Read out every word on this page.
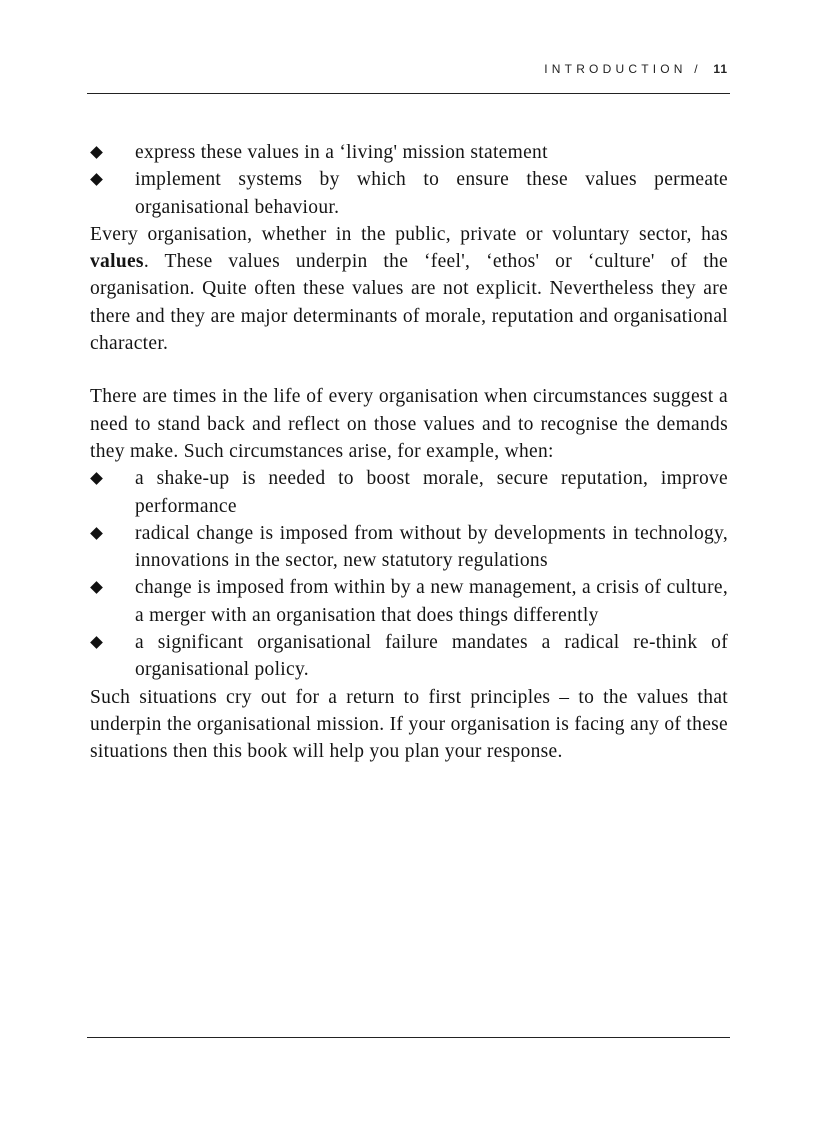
INTRODUCTION / 11
express these values in a ‘living' mission statement
implement systems by which to ensure these values permeate organisational behaviour.

Every organisation, whether in the public, private or voluntary sector, has values. These values underpin the ‘feel', ‘ethos' or ‘culture' of the organisation. Quite often these values are not explicit. Nevertheless they are there and they are major determinants of morale, reputation and organisational character.

There are times in the life of every organisation when circumstances suggest a need to stand back and reflect on those values and to recognise the demands they make. Such circumstances arise, for example, when:

a shake-up is needed to boost morale, secure reputation, improve performance
radical change is imposed from without by developments in technology, innovations in the sector, new statutory regulations
change is imposed from within by a new management, a crisis of culture, a merger with an organisation that does things differently
a significant organisational failure mandates a radical re-think of organisational policy.

Such situations cry out for a return to first principles – to the values that underpin the organisational mission. If your organisation is facing any of these situations then this book will help you plan your response.
